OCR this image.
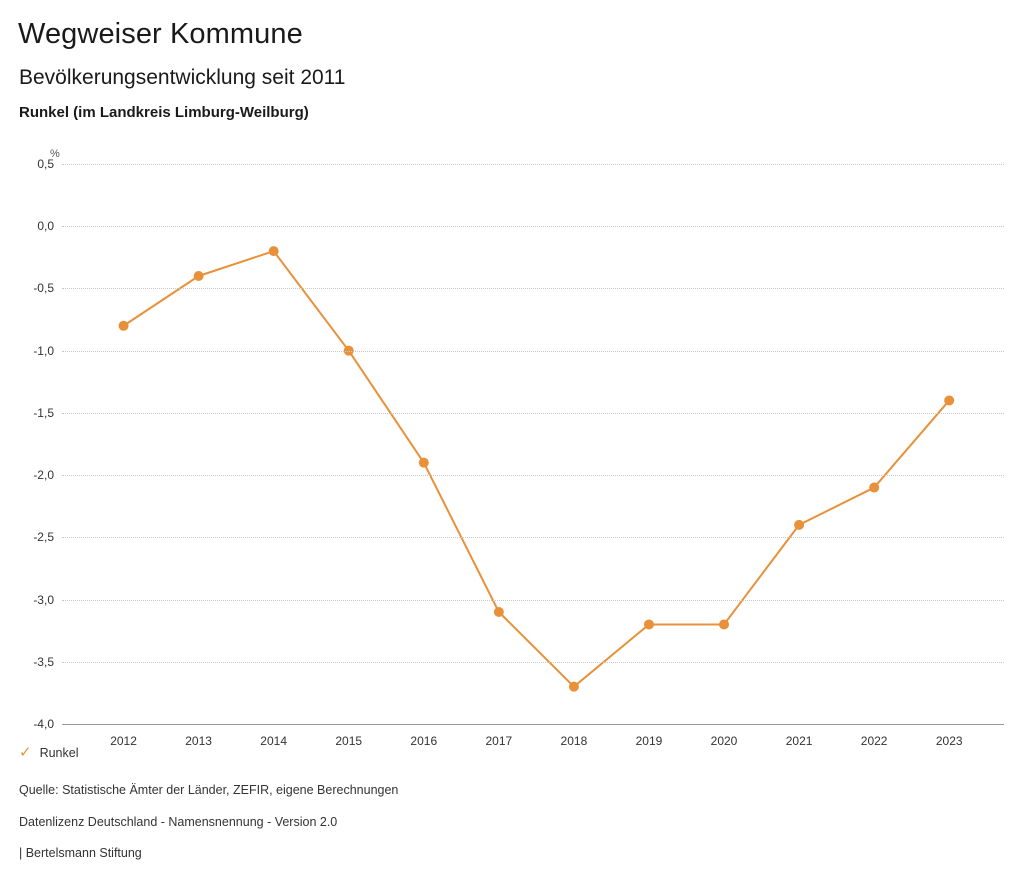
Wegweiser Kommune
Bevölkerungsentwicklung seit 2011
Runkel (im Landkreis Limburg-Weilburg)
%
0,5
0,0
-0,5
-1,0
-1,5
-2,0
-2,5
-3,0
-3,5
-4,0
2012	2013	2014	2015	2016	2017	2018	2019	2020	2021	2022	2023
✓ Runkel
Quelle: Statistische Ämter der Länder, ZEFIR, eigene Berechnungen
Datenlizenz Deutschland - Namensnennung - Version 2.0
| Bertelsmann Stiftung
